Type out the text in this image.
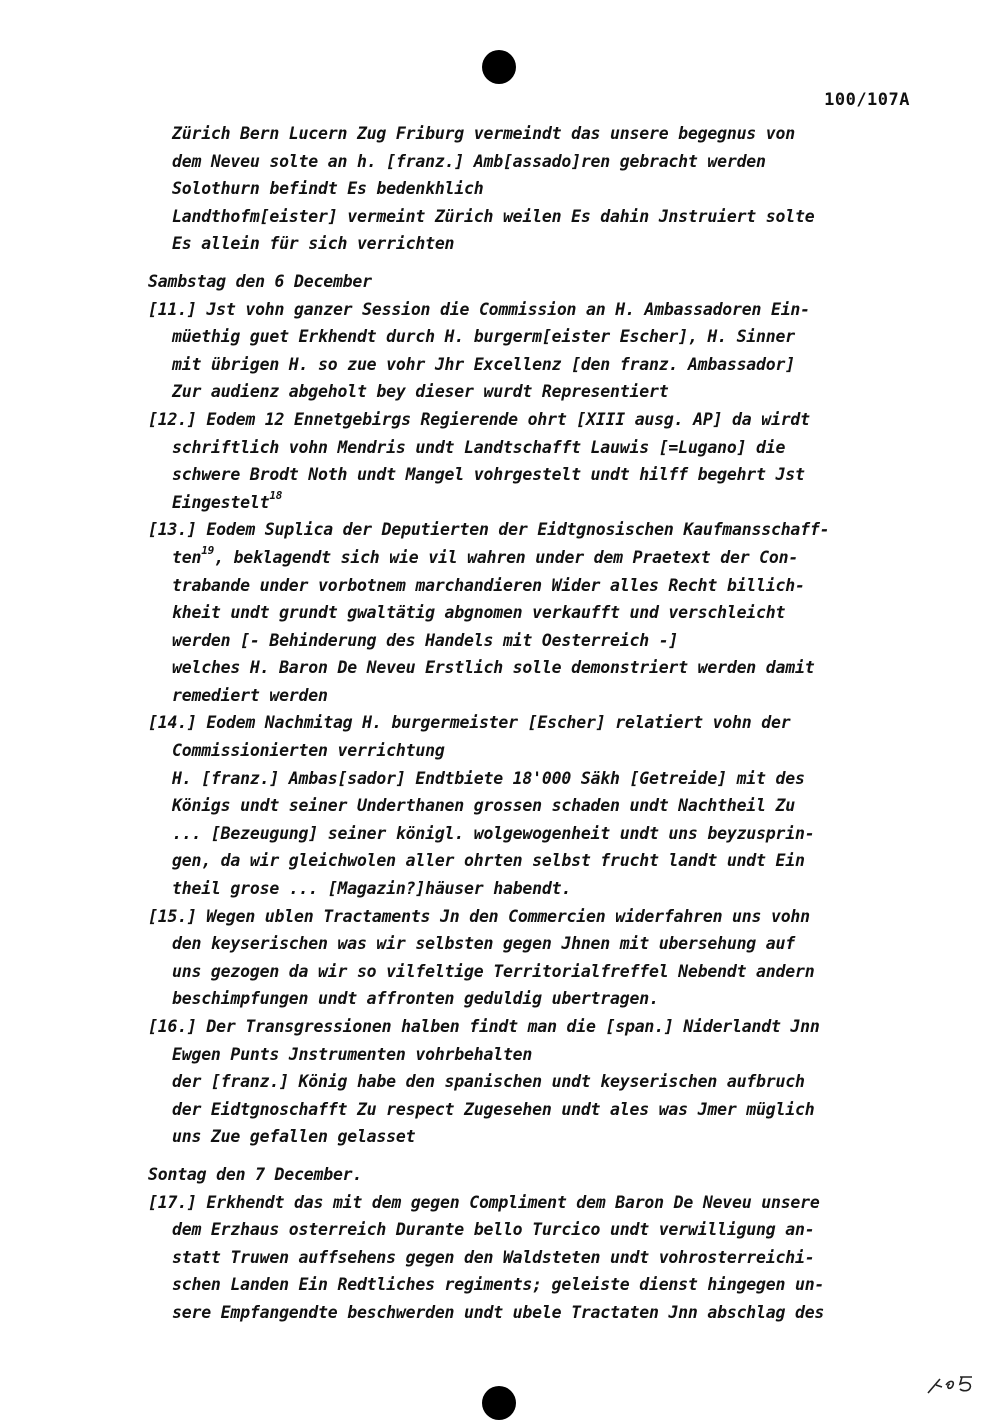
100/107A
Zürich Bern Lucern Zug Friburg vermeindt das unsere begegnus von
dem Neveu solte an h. [franz.] Amb[assado]ren gebracht werden
Solothurn befindt Es bedenkhlich
Landthofm[eister] vermeint Zürich weilen Es dahin Jnstruiert solte
Es allein für sich verrichten
Sambstag den 6 December
[11.] Jst vohn ganzer Session die Commission an H. Ambassadoren Ein-
müethig guet Erkhendt durch H. burgerm[eister Escher], H. Sinner
mit übrigen H. so zue vohr Jhr Excellenz [den franz. Ambassador]
Zur audienz abgeholt bey dieser wurdt Representiert
[12.] Eodem 12 Ennetgebirgs Regierende ohrt [XIII ausg. AP] da wirdt
schriftlich vohn Mendris undt Landtschafft Lauwis [=Lugano] die
schwere Brodt Noth undt Mangel vohrgestelt undt hilff begehrt Jst
Eingestelt$^{18}$
[13.] Eodem Suplica der Deputierten der Eidtgnosischen Kaufmansschaff-
ten$^{19}$, beklagendt sich wie vil wahren under dem Praetext der Con-
trabande under vorbotnem marchandieren Wider alles Recht billich-
kheit undt grundt gwaltätig abgnomen verkaufft und verschleicht
werden [- Behinderung des Handels mit Oesterreich -]
welches H. Baron De Neveu Erstlich solle demonstriert werden damit
remediert werden
[14.] Eodem Nachmitag H. burgermeister [Escher] relatiert vohn der
Commissionierten verrichtung
H. [franz.] Ambas[sador] Endtbiete 18'000 Säkh [Getreide] mit des
Königs undt seiner Underthanen grossen schaden undt Nachtheil Zu
... [Bezeugung] seiner königl. wolgewogenheit undt uns beyzusprin-
gen, da wir gleichwolen aller ohrten selbst frucht landt undt Ein
theil grose ... [Magazin?]häuser habendt.
[15.] Wegen ublen Tractaments Jn den Commercien widerfahren uns vohn
den keyserischen was wir selbsten gegen Jhnen mit ubersehung auf
uns gezogen da wir so vilfeltige Territorialfreffel Nebendt andern
beschimpfungen undt affronten geduldig ubertragen.
[16.] Der Transgressionen halben findt man die [span.] Niderlandt Jnn
Ewgen Punts Jnstrumenten vohrbehalten
der [franz.] König habe den spanischen undt keyserischen aufbruch
der Eidtgnoschafft Zu respect Zugesehen undt ales was Jmer müglich
uns Zue gefallen gelasset
Sontag den 7 December.
[17.] Erkhendt das mit dem gegen Compliment dem Baron De Neveu unsere
dem Erzhaus osterreich Durante bello Turcico undt verwilligung an-
statt Truwen auffsehens gegen den Waldsteten undt vohrosterreichi-
schen Landen Ein Redtliches regiments; geleiste dienst hingegen un-
sere Empfangendte beschwerden undt ubele Tractaten Jnn abschlag des
